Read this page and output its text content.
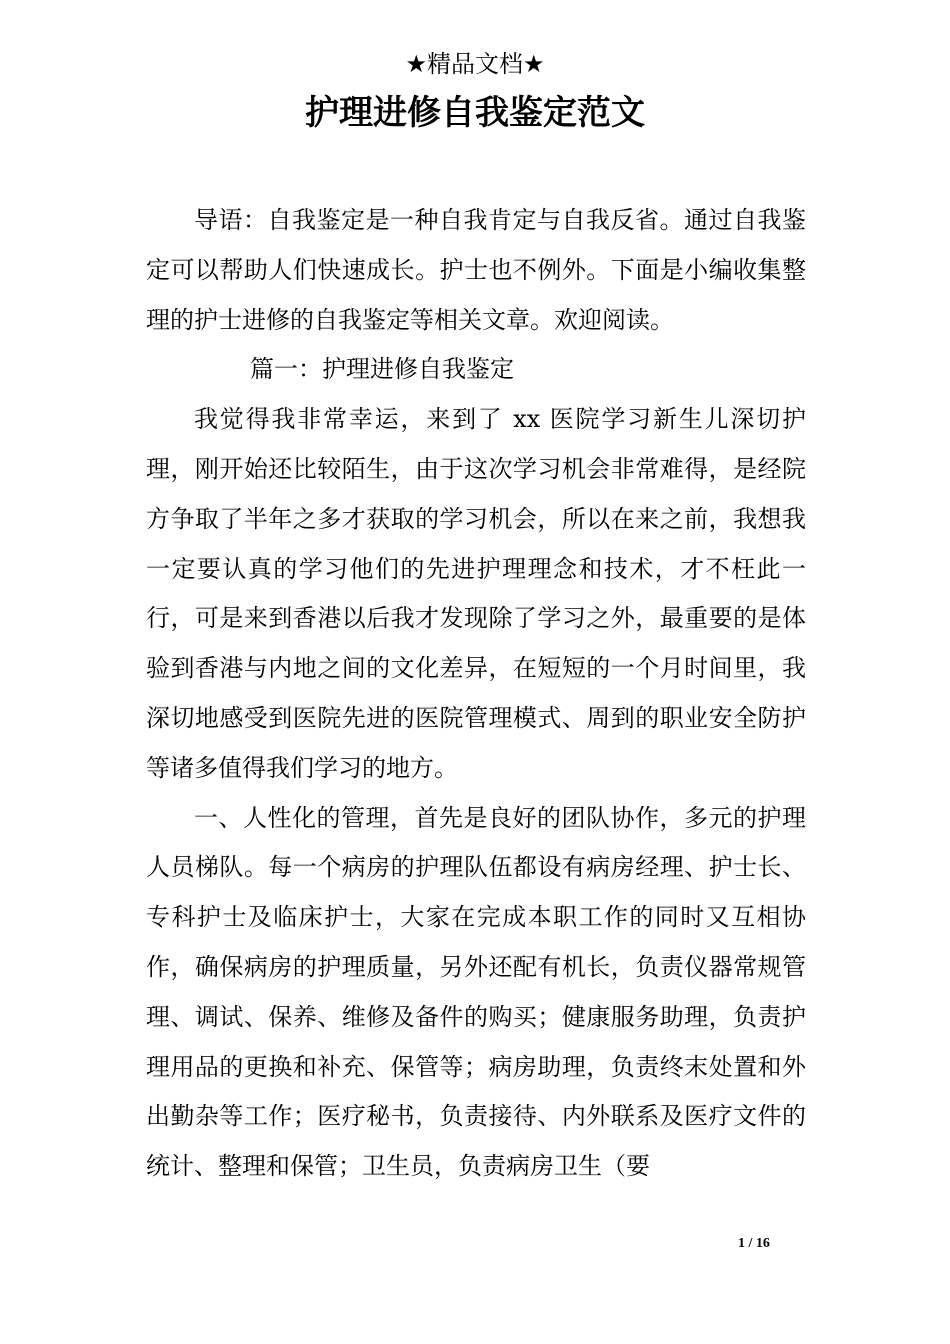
★精品文档★
护理进修自我鉴定范文

导语：自我鉴定是一种自我肯定与自我反省。通过自我鉴定可以帮助人们快速成长。护士也不例外。下面是小编收集整理的护士进修的自我鉴定等相关文章。欢迎阅读。

篇一：护理进修自我鉴定

我觉得我非常幸运，来到了 xx 医院学习新生儿深切护理，刚开始还比较陌生，由于这次学习机会非常难得，是经院方争取了半年之多才获取的学习机会，所以在来之前，我想我一定要认真的学习他们的先进护理理念和技术，才不枉此一行，可是来到香港以后我才发现除了学习之外，最重要的是体验到香港与内地之间的文化差异，在短短的一个月时间里，我深切地感受到医院先进的医院管理模式、周到的职业安全防护等诸多值得我们学习的地方。

一、人性化的管理，首先是良好的团队协作，多元的护理人员梯队。每一个病房的护理队伍都设有病房经理、护士长、专科护士及临床护士，大家在完成本职工作的同时又互相协作，确保病房的护理质量，另外还配有机长，负责仪器常规管理、调试、保养、维修及备件的购买；健康服务助理，负责护理用品的更换和补充、保管等；病房助理，负责终末处置和外出勤杂等工作；医疗秘书，负责接待、内外联系及医疗文件的统计、整理和保管；卫生员，负责病房卫生（要

1 / 16
